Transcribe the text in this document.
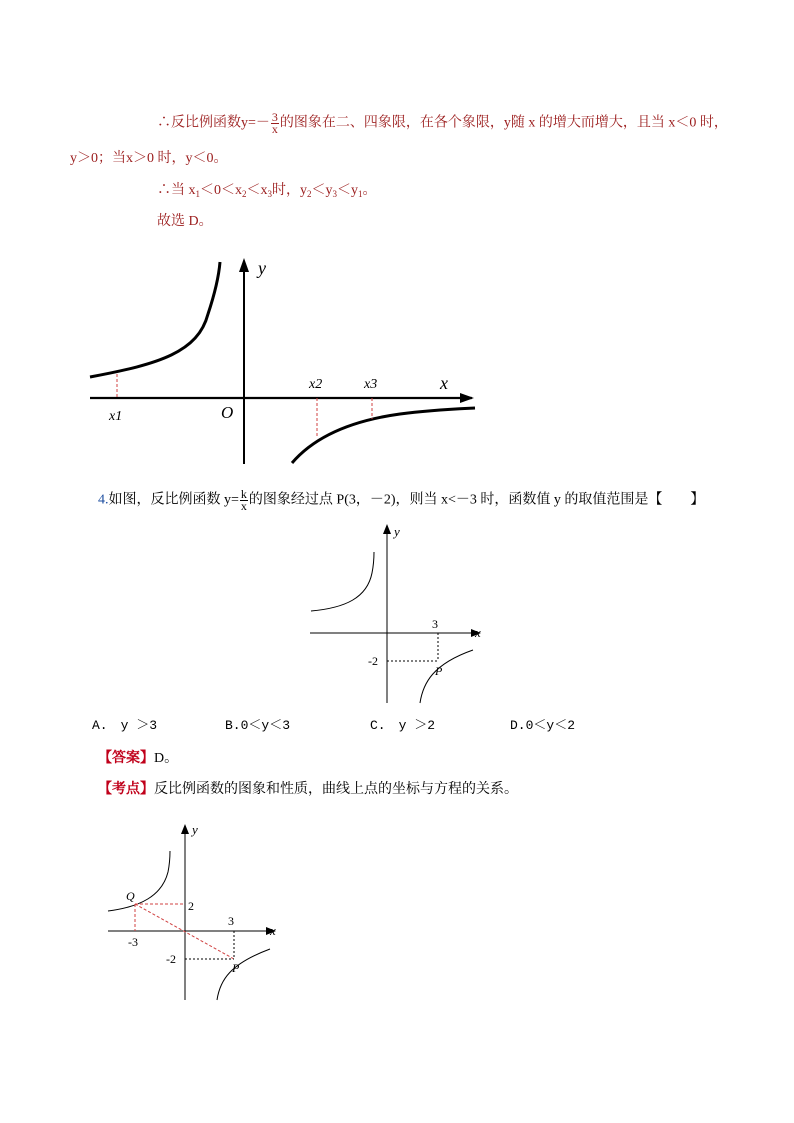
∴反比例函数$y=- \frac{3}{x}$ 的图象在二、四象限，在各个象限，y随 x 的增大而增大，且当 x＜0 时，
y＞0；当x＞0 时，y＜0。
∴当 $x_1<0<x_2<x_3$时，$y_2<y_3<y_1$。
故选 D。
y
x
O
x1
x2	x3
4.如图，反比例函数 $y= \frac{k}{x}$ 的图象经过点 P(3，－2)，则当 x<－3 时，函数值 y 的取值范围是【　　】
y
x
3
-2
P
A.　y ＞3	B.0＜y＜3	C.　y ＞2	D.0＜y＜2
【答案】D。
【考点】反比例函数的图象和性质，曲线上点的坐标与方程的关系。
y
x
3
-3
2
-2
P
Q
